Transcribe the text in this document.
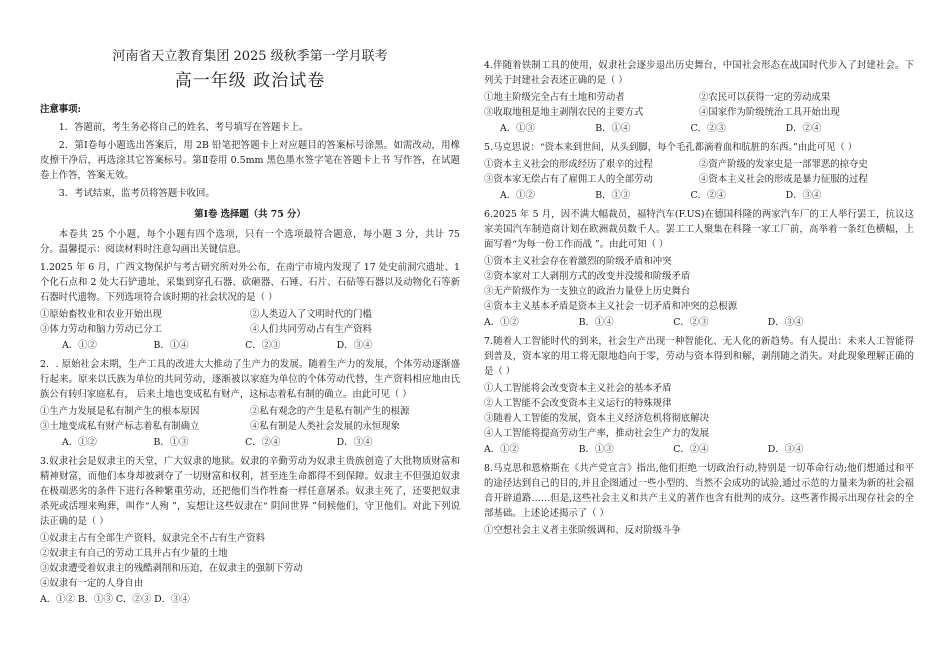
河南省天立教育集团 2025 级秋季第一学月联考
高一年级 政治试卷
注意事项:
1．答题前，考生务必将自己的姓名、考号填写在答题卡上。
2．第Ⅰ卷每小题选出答案后，用 2B 铅笔把答题卡上对应题目的答案标号涂黑。如需改动，用橡皮擦干净后，再选涂其它答案标号。第Ⅱ卷用 0.5mm 黑色墨水签字笔在答题卡上书 写作答，在试题卷上作答，答案无效。
3．考试结束，监考员将答题卡收回。
第Ⅰ卷 选择题（共 75 分）
本卷共 25 个小题，每个小题有四个选项，只有一个选项最符合题意，每小题 3 分，共计 75 分。温馨提示：阅读材料时注意勾画出关键信息。
1.2025 年 6 月，广西文物保护与考古研究所对外公布，在南宁市境内发现了 17 处史前洞穴遗址、1 个化石点和 2 处大石铲遗址，采集到穿孔石器、砍砸器、石锤、石片、石砧等石器以及动物化石等新石器时代遗物。下列选项符合该时期的社会状况的是（ ）
①原始畜牧业和农业开始出现	②人类迈入了文明时代的门槛
③体力劳动和脑力劳动已分工	④人们共同劳动占有生产资料
A．①②	B．①④	C．②③	D．③④
2．. 原始社会末期，生产工具的改进大大推动了生产力的发展。随着生产力的发展，个体劳动逐渐盛行起来。原来以氏族为单位的共同劳动，逐渐被以家庭为单位的个体劳动代替，生产资料相应地由氏族公有转归家庭私有， 后来土地也变成私有财产，这标志着私有制的确立。由此可见（ ）
①生产力发展是私有制产生的根本原因	②私有观念的产生是私有制产生的根源
③土地变成私有财产标志着私有制确立	④私有制是人类社会发展的永恒现象
A．①②	B．①③	C．②④	D．③④
3.奴隶社会是奴隶主的天堂，广大奴隶的地狱。奴隶的辛勤劳动为奴隶主贵族创造了大批物质财富和精神财富，而他们本身却被剥夺了一切财富和权利，甚至连生命都得不到保障。奴隶主不但强迫奴隶在极端恶劣的条件下进行各种繁重劳动，还把他们当作牲畜一样任意屠杀。奴隶主死了，还要把奴隶杀死或活埋来殉葬，叫作“人殉 ”，妄想让这些奴隶在“ 阴间世界 ”伺候他们，守卫他们。对此下列说法正确的是（ ）
①奴隶主占有全部生产资料，奴隶完全不占有生产资料
②奴隶主有自己的劳动工具并占有少量的土地
③奴隶遭受着奴隶主的残酷剥削和压迫，在奴隶主的强制下劳动
④奴隶有一定的人身自由
A．①② B．①③ C．②③ D．③④
4.伴随着铁制工具的使用，奴隶社会逐步退出历史舞台，中国社会形态在战国时代步入了封建社会。下列关于封建社会表述正确的是（ ）
①地主阶级完全占有土地和劳动者	②农民可以获得一定的劳动成果
③收取地租是地主剥削农民的主要方式	④国家作为阶级统治工具开始出现
A．①③	B．①④	C．②③	D．②④
5.马克思说：“资本来到世间，从头到脚，每个毛孔都滴着血和肮脏的东西。”由此可见（ ）
①资本主义社会的形成经历了艰辛的过程	②资产阶级的发家史是一部罪恶的掠夺史
③资本家无偿占有了雇佣工人的全部劳动	④资本主义社会的形成是暴力征服的过程
A．①②	B．①③	C．②④	D．③④
6.2025 年 5 月，因不满大幅裁员，福特汽车(F.US)在德国科隆的两家汽车厂的工人举行罢工，抗议这家美国汽车制造商计划在欧洲裁员数千人。罢工工人聚集在科隆一家工厂前，高举着一条红色横幅，上面写着“为每一份工作而战 ”。由此可知（ ）
①资本主义社会存在着激烈的阶级矛盾和冲突
②资本家对工人剥削方式的改变并没缓和阶级矛盾
③无产阶级作为一支独立的政治力量登上历史舞台
④资本主义基本矛盾是资本主义社会一切矛盾和冲突的总根源
A．①②	B．①④	C．②③	D．③④
7.随着人工智能时代的到来，社会生产出现一种智能化、无人化的新趋势。有人提出：未来人工智能得到普及，资本家的用工将无限地趋向于零，劳动与资本得到和解，剥削随之消失。对此现象理解正确的是（ ）
①人工智能将会改变资本主义社会的基本矛盾
②人工智能不会改变资本主义运行的特殊规律
③随着人工智能的发展，资本主义经济危机将彻底解决
④人工智能将提高劳动生产率，推动社会生产力的发展
A．①②	B．①③	C．②④	D．③④
8.马克思和恩格斯在《共产党宣言》指出,他们拒绝一切政治行动,特别是一切革命行动;他们想通过和平的途径达到自己的目的,并且企图通过一些小型的、当然不会成功的试验,通过示范的力量来为新的社会福音开辟道路……但是,这些社会主义和共产主义的著作也含有批判的成分。这些著作揭示出现存社会的全部基础。上述论述揭示了（ ）
①空想社会主义者主张阶级调和、反对阶级斗争
